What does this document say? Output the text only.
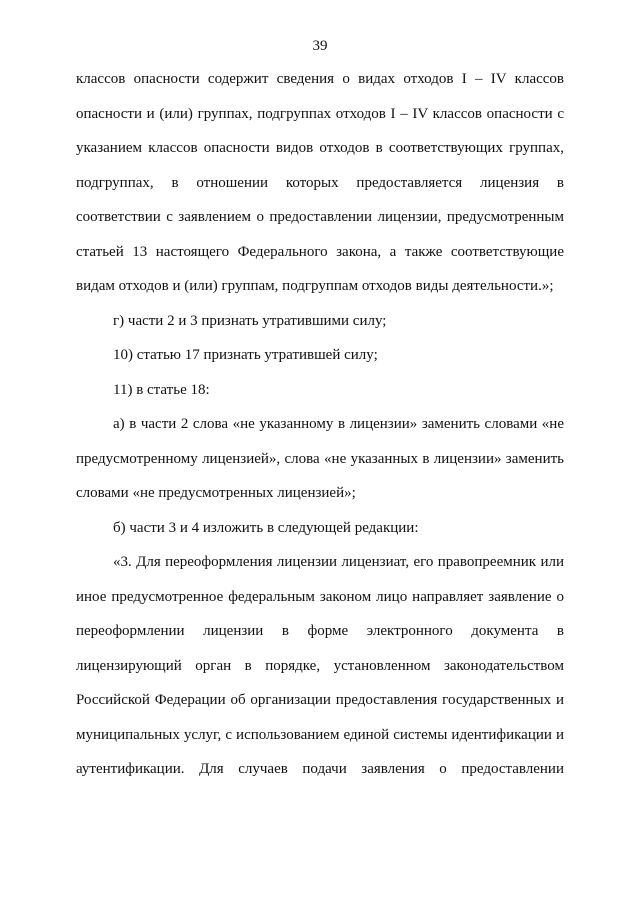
39

классов опасности содержит сведения о видах отходов I – IV классов опасности и (или) группах, подгруппах отходов I – IV классов опасности с указанием классов опасности видов отходов в соответствующих группах, подгруппах, в отношении которых предоставляется лицензия в соответствии с заявлением о предоставлении лицензии, предусмотренным статьей 13 настоящего Федерального закона, а также соответствующие видам отходов и (или) группам, подгруппам отходов виды деятельности.»;

г) части 2 и 3 признать утратившими силу;

10) статью 17 признать утратившей силу;

11) в статье 18:

а) в части 2 слова «не указанному в лицензии» заменить словами «не предусмотренному лицензией», слова «не указанных в лицензии» заменить словами «не предусмотренных лицензией»;

б) части 3 и 4 изложить в следующей редакции:

«3. Для переоформления лицензии лицензиат, его правопреемник или иное предусмотренное федеральным законом лицо направляет заявление о переоформлении лицензии в форме электронного документа в лицензирующий орган в порядке, установленном законодательством Российской Федерации об организации предоставления государственных и муниципальных услуг, с использованием единой системы идентификации и аутентификации. Для случаев подачи заявления о предоставлении
